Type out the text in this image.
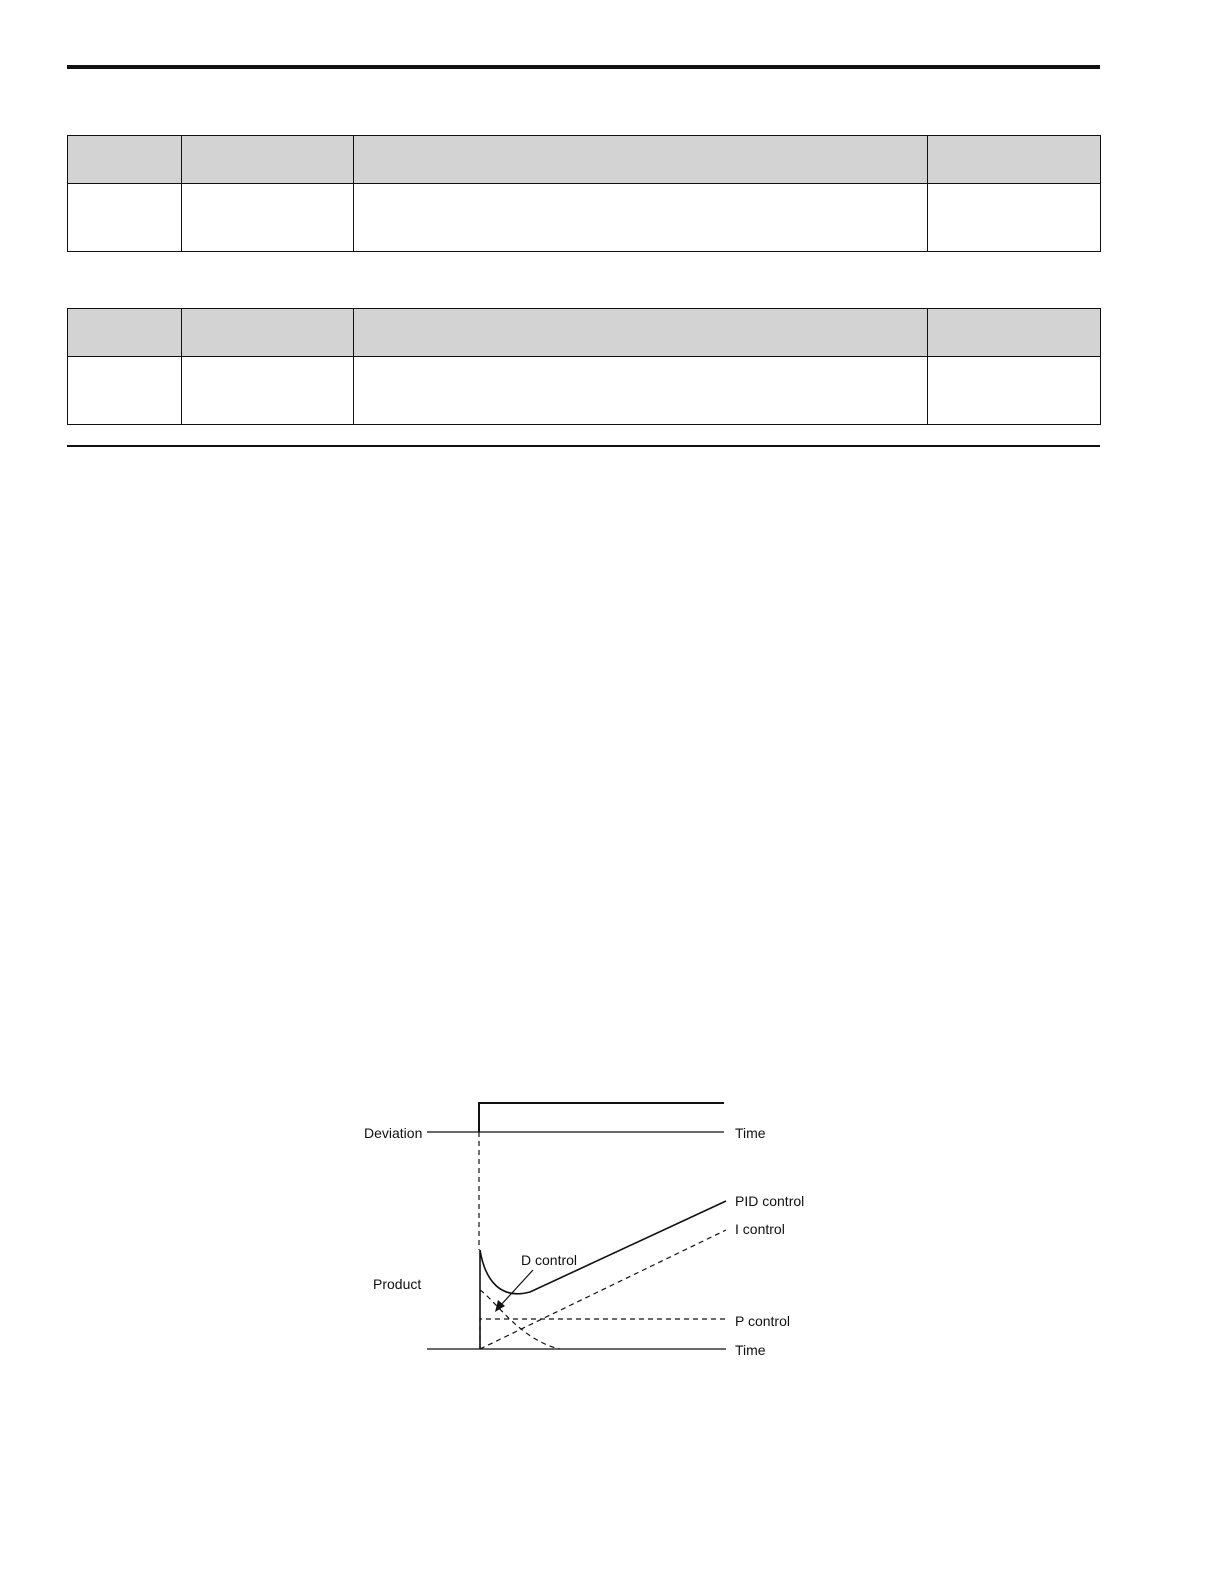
Deviation	Time
PID control
I control
D control
Product
P control
Time
